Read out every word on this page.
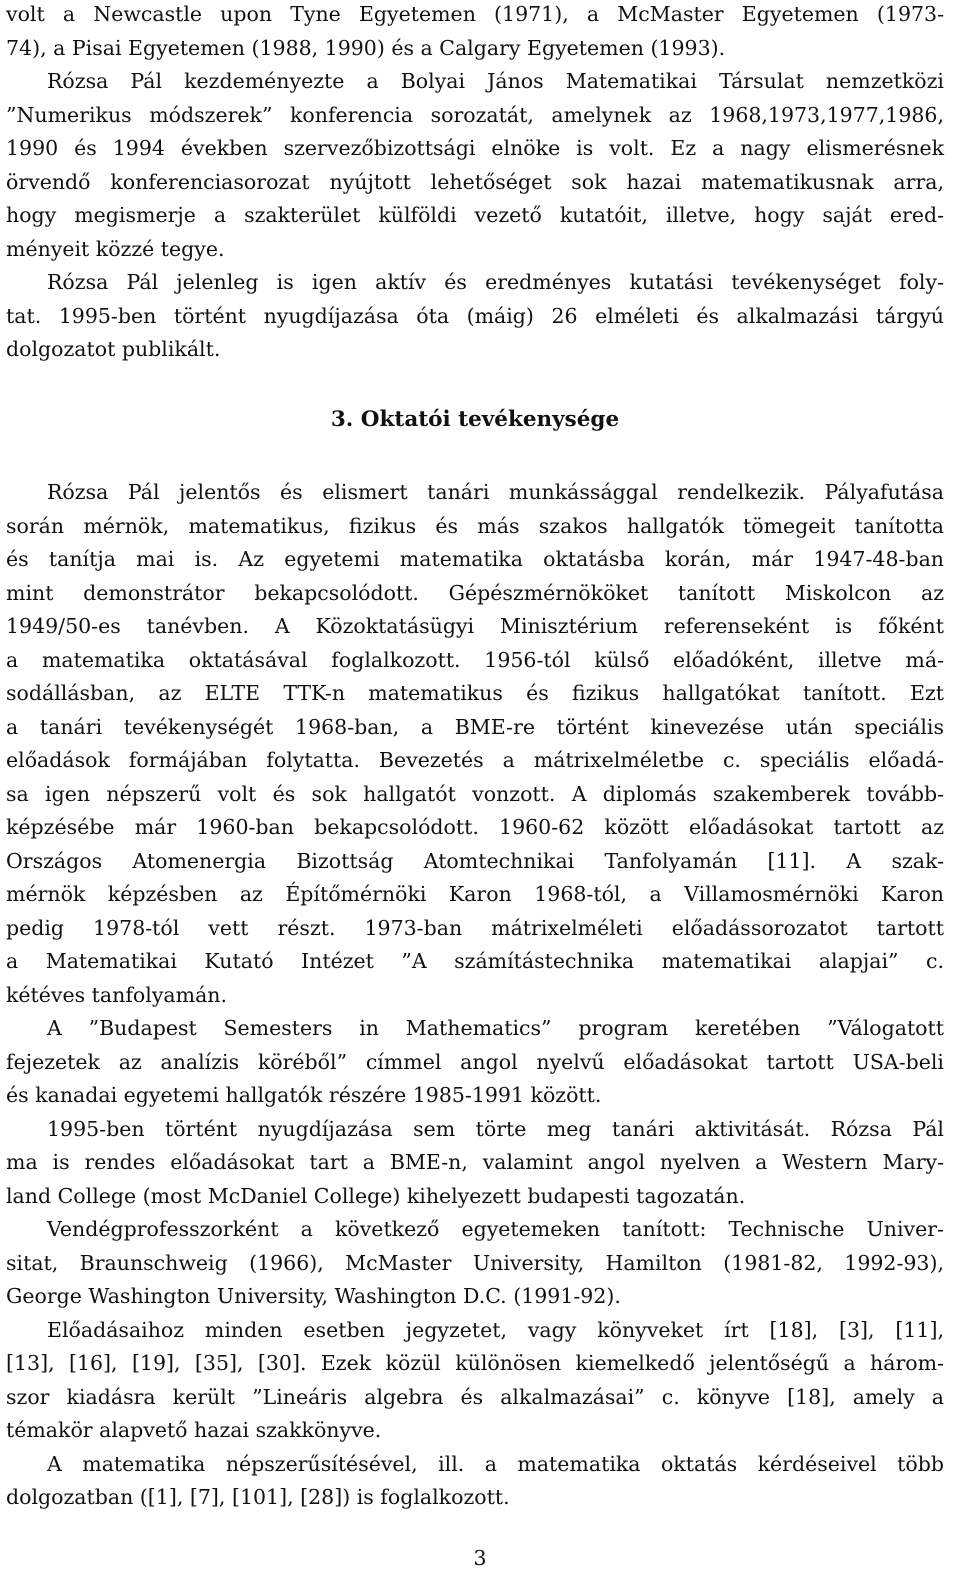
volt a Newcastle upon Tyne Egyetemen (1971), a McMaster Egyetemen (1973-
74), a Pisai Egyetemen (1988, 1990) és a Calgary Egyetemen (1993).
Rózsa Pál kezdeményezte a Bolyai János Matematikai Társulat nemzetközi
”Numerikus módszerek” konferencia sorozatát, amelynek az 1968,1973,1977,1986,
1990 és 1994 években szervezőbizottsági elnöke is volt. Ez a nagy elismerésnek
örvendő konferenciasorozat nyújtott lehetőséget sok hazai matematikusnak arra,
hogy megismerje a szakterület külföldi vezető kutatóit, illetve, hogy saját ered-
ményeit közzé tegye.
Rózsa Pál jelenleg is igen aktív és eredményes kutatási tevékenységet foly-
tat. 1995-ben történt nyugdíjazása óta (máig) 26 elméleti és alkalmazási tárgyú
dolgozatot publikált.
3. Oktatói tevékenysége
Rózsa Pál jelentős és elismert tanári munkássággal rendelkezik. Pályafutása
során mérnök, matematikus, fizikus és más szakos hallgatók tömegeit tanította
és tanítja mai is. Az egyetemi matematika oktatásba korán, már 1947-48-ban
mint demonstrátor bekapcsolódott. Gépészmérnököket tanított Miskolcon az
1949/50-es tanévben. A Közoktatásügyi Minisztérium referenseként is főként
a matematika oktatásával foglalkozott. 1956-tól külső előadóként, illetve má-
sodállásban, az ELTE TTK-n matematikus és fizikus hallgatókat tanított. Ezt
a tanári tevékenységét 1968-ban, a BME-re történt kinevezése után speciális
előadások formájában folytatta. Bevezetés a mátrixelméletbe c. speciális előadá-
sa igen népszerű volt és sok hallgatót vonzott. A diplomás szakemberek tovább-
képzésébe már 1960-ban bekapcsolódott. 1960-62 között előadásokat tartott az
Országos Atomenergia Bizottság Atomtechnikai Tanfolyamán [11]. A szak-
mérnök képzésben az Építőmérnöki Karon 1968-tól, a Villamosmérnöki Karon
pedig 1978-tól vett részt. 1973-ban mátrixelméleti előadássorozatot tartott
a Matematikai Kutató Intézet ”A számítástechnika matematikai alapjai” c.
kétéves tanfolyamán.
A ”Budapest Semesters in Mathematics” program keretében ”Válogatott
fejezetek az analízis köréből” címmel angol nyelvű előadásokat tartott USA-beli
és kanadai egyetemi hallgatók részére 1985-1991 között.
1995-ben történt nyugdíjazása sem törte meg tanári aktivitását. Rózsa Pál
ma is rendes előadásokat tart a BME-n, valamint angol nyelven a Western Mary-
land College (most McDaniel College) kihelyezett budapesti tagozatán.
Vendégprofesszorként a következő egyetemeken tanított: Technische Univer-
sitat, Braunschweig (1966), McMaster University, Hamilton (1981-82, 1992-93),
George Washington University, Washington D.C. (1991-92).
Előadásaihoz minden esetben jegyzetet, vagy könyveket írt [18], [3], [11],
[13], [16], [19], [35], [30]. Ezek közül különösen kiemelkedő jelentőségű a három-
szor kiadásra került ”Lineáris algebra és alkalmazásai” c. könyve [18], amely a
témakör alapvető hazai szakkönyve.
A matematika népszerűsítésével, ill. a matematika oktatás kérdéseivel több
dolgozatban ([1], [7], [101], [28]) is foglalkozott.
3
